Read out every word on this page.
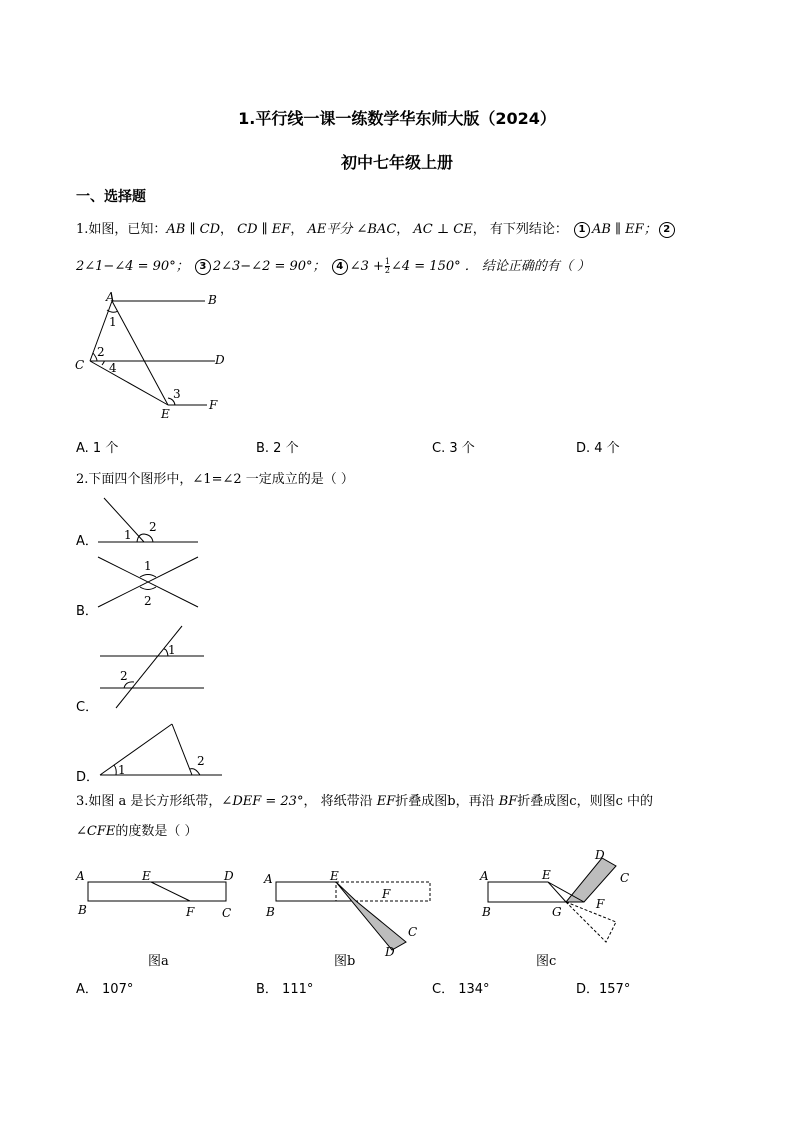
1.平行线一课一练数学华东师大版（2024）
初中七年级上册
一、选择题
1.如图，已知：AB ∥ CD， CD ∥ EF， AE平分 ∠BAC， AC ⊥ CE， 有下列结论： 1 AB ∥ EF； 2
2∠1−∠4 = 90°； 3 2∠3−∠2 = 90°； 4 ∠3 + $\frac{1}{2}$ ∠4 = 150° ． 结论正确的有（ ）
A	B
C	D
E
F
1
2
3
4
A. 1 个	B. 2 个	C. 3 个	D. 4 个
2.下面四个图形中，∠1=∠2 一定成立的是（ ）
A． 1
2
B．
1
2
C．
1
2
D． 1
2
3.如图 a 是长方形纸带，∠DEF = 23°， 将纸带沿 EF折叠成图b，再沿 BF折叠成图c，则图c 中的
∠CFE的度数是（ ）
A
B
E	D
F C
A
B
E
F
C
D
A
B
E
G
F
D
C
图a	图b	图c
A． 107°	B． 111°	C． 134°	D．157°
